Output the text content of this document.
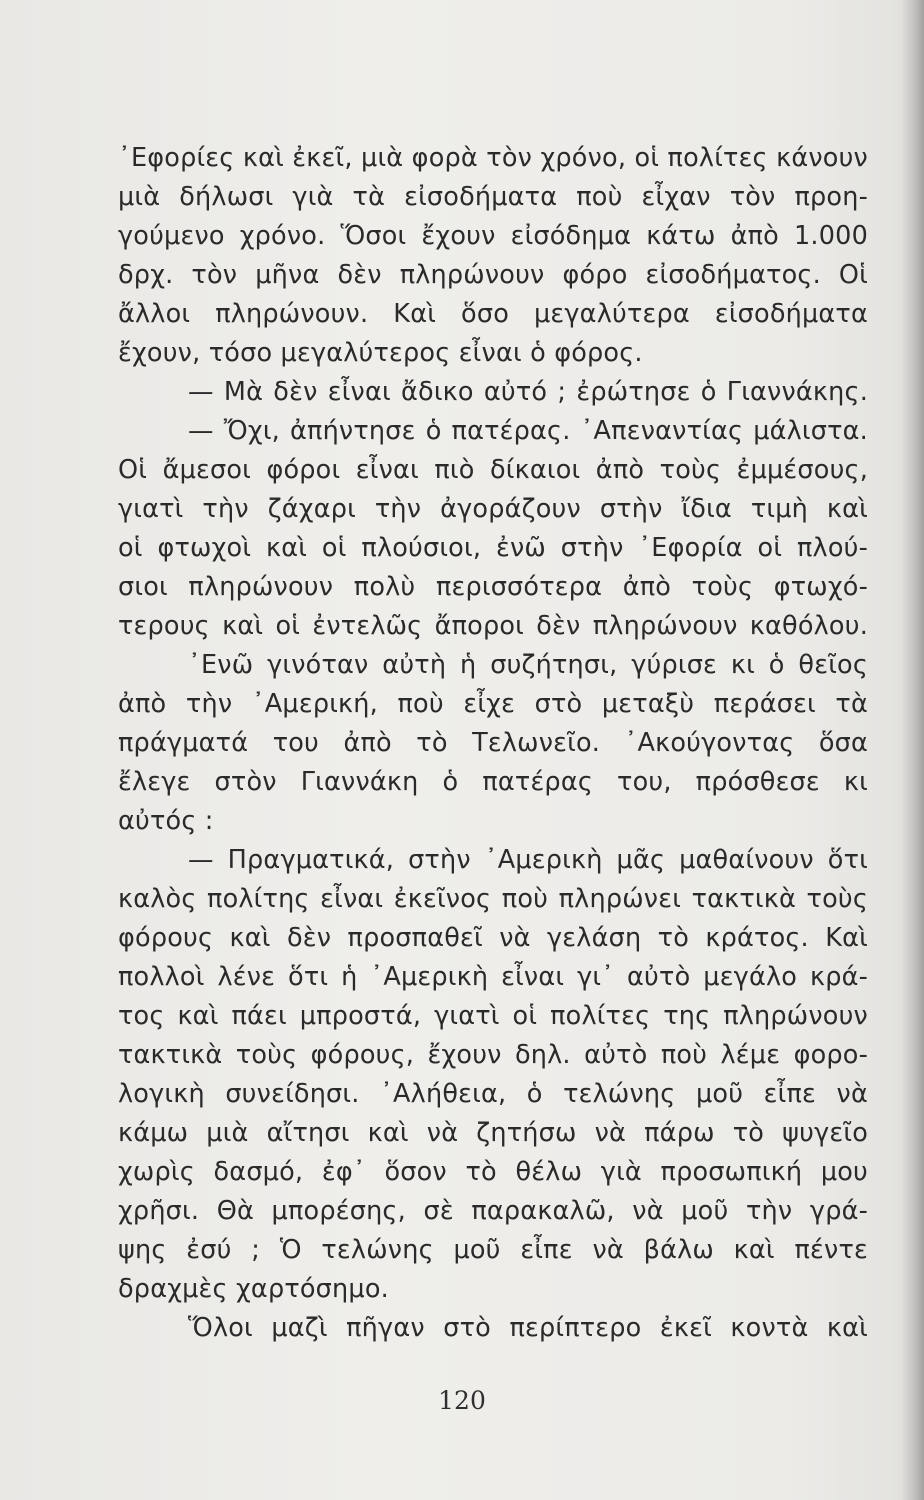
᾿Εφορίες καὶ ἐκεῖ, μιὰ φορὰ τὸν χρόνο, οἱ πολίτες κάνουν
μιὰ δήλωσι γιὰ τὰ εἰσοδήματα ποὺ εἶχαν τὸν προη-
γούμενο χρόνο. Ὅσοι ἔχουν εἰσόδημα κάτω ἀπὸ 1.000
δρχ. τὸν μῆνα δὲν πληρώνουν φόρο εἰσοδήματος. Οἱ
ἄλλοι πληρώνουν. Καὶ ὅσο μεγαλύτερα εἰσοδήματα
ἔχουν, τόσο μεγαλύτερος εἶναι ὁ φόρος.
— Μὰ δὲν εἶναι ἄδικο αὐτό ; ἐρώτησε ὁ Γιαννάκης.
— Ὄχι, ἀπήντησε ὁ πατέρας. ᾿Απεναντίας μάλιστα.
Οἱ ἄμεσοι φόροι εἶναι πιὸ δίκαιοι ἀπὸ τοὺς ἐμμέσους,
γιατὶ τὴν ζάχαρι τὴν ἀγοράζουν στὴν ἴδια τιμὴ καὶ
οἱ φτωχοὶ καὶ οἱ πλούσιοι, ἐνῶ στὴν ᾿Εφορία οἱ πλού-
σιοι πληρώνουν πολὺ περισσότερα ἀπὸ τοὺς φτωχό-
τερους καὶ οἱ ἐντελῶς ἄποροι δὲν πληρώνουν καθόλου.
᾿Ενῶ γινόταν αὐτὴ ἡ συζήτησι, γύρισε κι ὁ θεῖος
ἀπὸ τὴν ᾿Αμερική, ποὺ εἶχε στὸ μεταξὺ περάσει τὰ
πράγματά του ἀπὸ τὸ Τελωνεῖο. ᾿Ακούγοντας ὅσα
ἔλεγε στὸν Γιαννάκη ὁ πατέρας του, πρόσθεσε κι
αὐτός :
— Πραγματικά, στὴν ᾿Αμερικὴ μᾶς μαθαίνουν ὅτι
καλὸς πολίτης εἶναι ἐκεῖνος ποὺ πληρώνει τακτικὰ τοὺς
φόρους καὶ δὲν προσπαθεῖ νὰ γελάση τὸ κράτος. Καὶ
πολλοὶ λένε ὅτι ἡ ᾿Αμερικὴ εἶναι γι᾿ αὐτὸ μεγάλο κρά-
τος καὶ πάει μπροστά, γιατὶ οἱ πολίτες της πληρώνουν
τακτικὰ τοὺς φόρους, ἔχουν δηλ. αὐτὸ ποὺ λέμε φορο-
λογικὴ συνείδησι. ᾿Αλήθεια, ὁ τελώνης μοῦ εἶπε νὰ
κάμω μιὰ αἴτησι καὶ νὰ ζητήσω νὰ πάρω τὸ ψυγεῖο
χωρὶς δασμό, ἐφ᾿ ὅσον τὸ θέλω γιὰ προσωπική μου
χρῆσι. Θὰ μπορέσης, σὲ παρακαλῶ, νὰ μοῦ τὴν γρά-
ψης ἐσύ ; Ὁ τελώνης μοῦ εἶπε νὰ βάλω καὶ πέντε
δραχμὲς χαρτόσημο.
Ὅλοι μαζὶ πῆγαν στὸ περίπτερο ἐκεῖ κοντὰ καὶ
120
